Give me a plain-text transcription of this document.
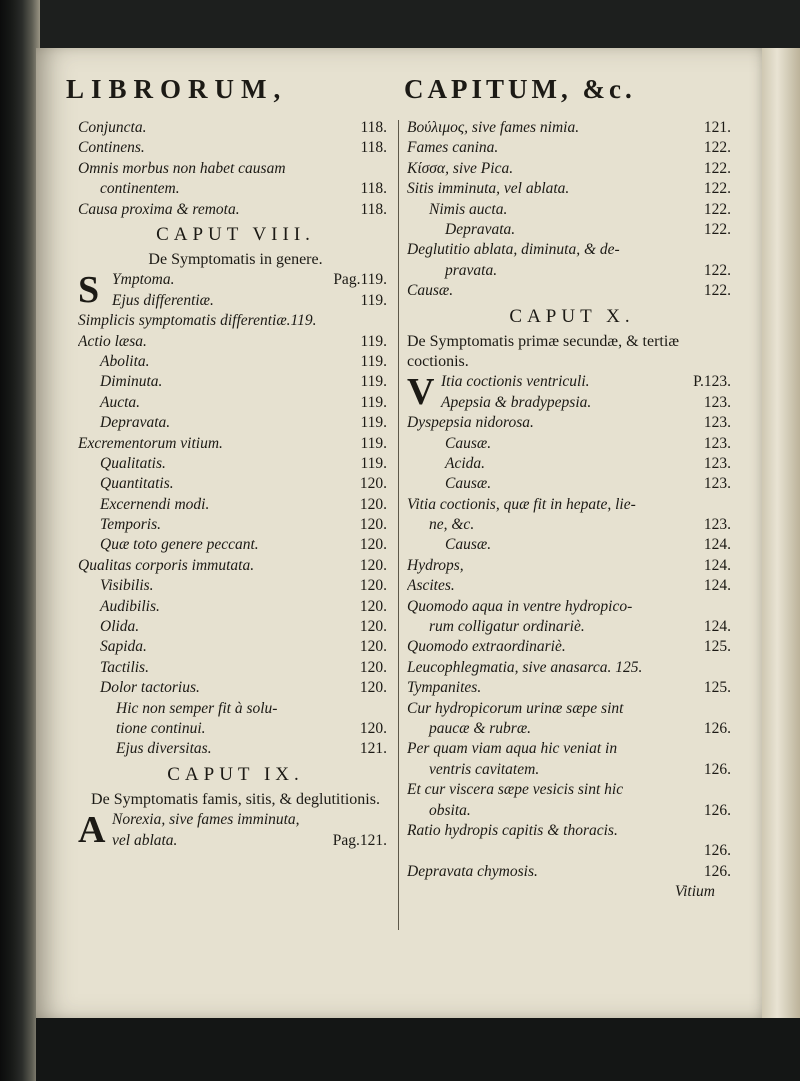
LIBRORUM,	CAPITUM, &c.
Conjuncta.	118.
Continens.	118.
Omnis morbus non habet causam
continentem.	118.
Causa proxima & remota.	118.
CAPUT VIII.
De Symptomatis in genere.
S Ymptoma.	Pag.119.
Ejus differentiæ.	119.
Simplicis symptomatis differentiæ.119.
Actio læsa.	119.
Abolita.	119.
Diminuta.	119.
Aucta.	119.
Depravata.	119.
Excrementorum vitium.	119.
Qualitatis.	119.
Quantitatis.	120.
Excernendi modi.	120.
Temporis.	120.
Quæ toto genere peccant.	120.
Qualitas corporis immutata.	120.
Visibilis.	120.
Audibilis.	120.
Olida.	120.
Sapida.	120.
Tactilis.	120.
Dolor tactorius.	120.
Hic non semper fit à solu-
tione continui.	120.
Ejus diversitas.	121.
CAPUT IX.
De Symptomatis famis, sitis, & deglutitionis.
A Norexia, sive fames imminuta,
vel ablata.	Pag.121.
Βούλιμος, sive fames nimia.	121.
Fames canina.	122.
Κίσσα, sive Pica.	122.
Sitis imminuta, vel ablata.	122.
Nimis aucta.	122.
Depravata.	122.
Deglutitio ablata, diminuta, & de-
pravata.	122.
Causæ.	122.
CAPUT X.
De Symptomatis primæ secundæ, & tertiæ coctionis.
V Itia coctionis ventriculi.	P.123.
Apepsia & bradypepsia.	123.
Dyspepsia nidorosa.	123.
Causæ.	123.
Acida.	123.
Causæ.	123.
Vitia coctionis, quæ fit in hepate, lie-
ne, &c.	123.
Causæ.	124.
Hydrops,	124.
Ascites.	124.
Quomodo aqua in ventre hydropico-
rum colligatur ordinariè.	124.
Quomodo extraordinariè.	125.
Leucophlegmatia, sive anasarca. 125.
Tympanites.	125.
Cur hydropicorum urinæ sæpe sint
paucæ & rubræ.	126.
Per quam viam aqua hic veniat in
ventris cavitatem.	126.
Et cur viscera sæpe vesicis sint hic
obsita.	126.
Ratio hydropis capitis & thoracis.
126.
Depravata chymosis.	126.
Vitium
